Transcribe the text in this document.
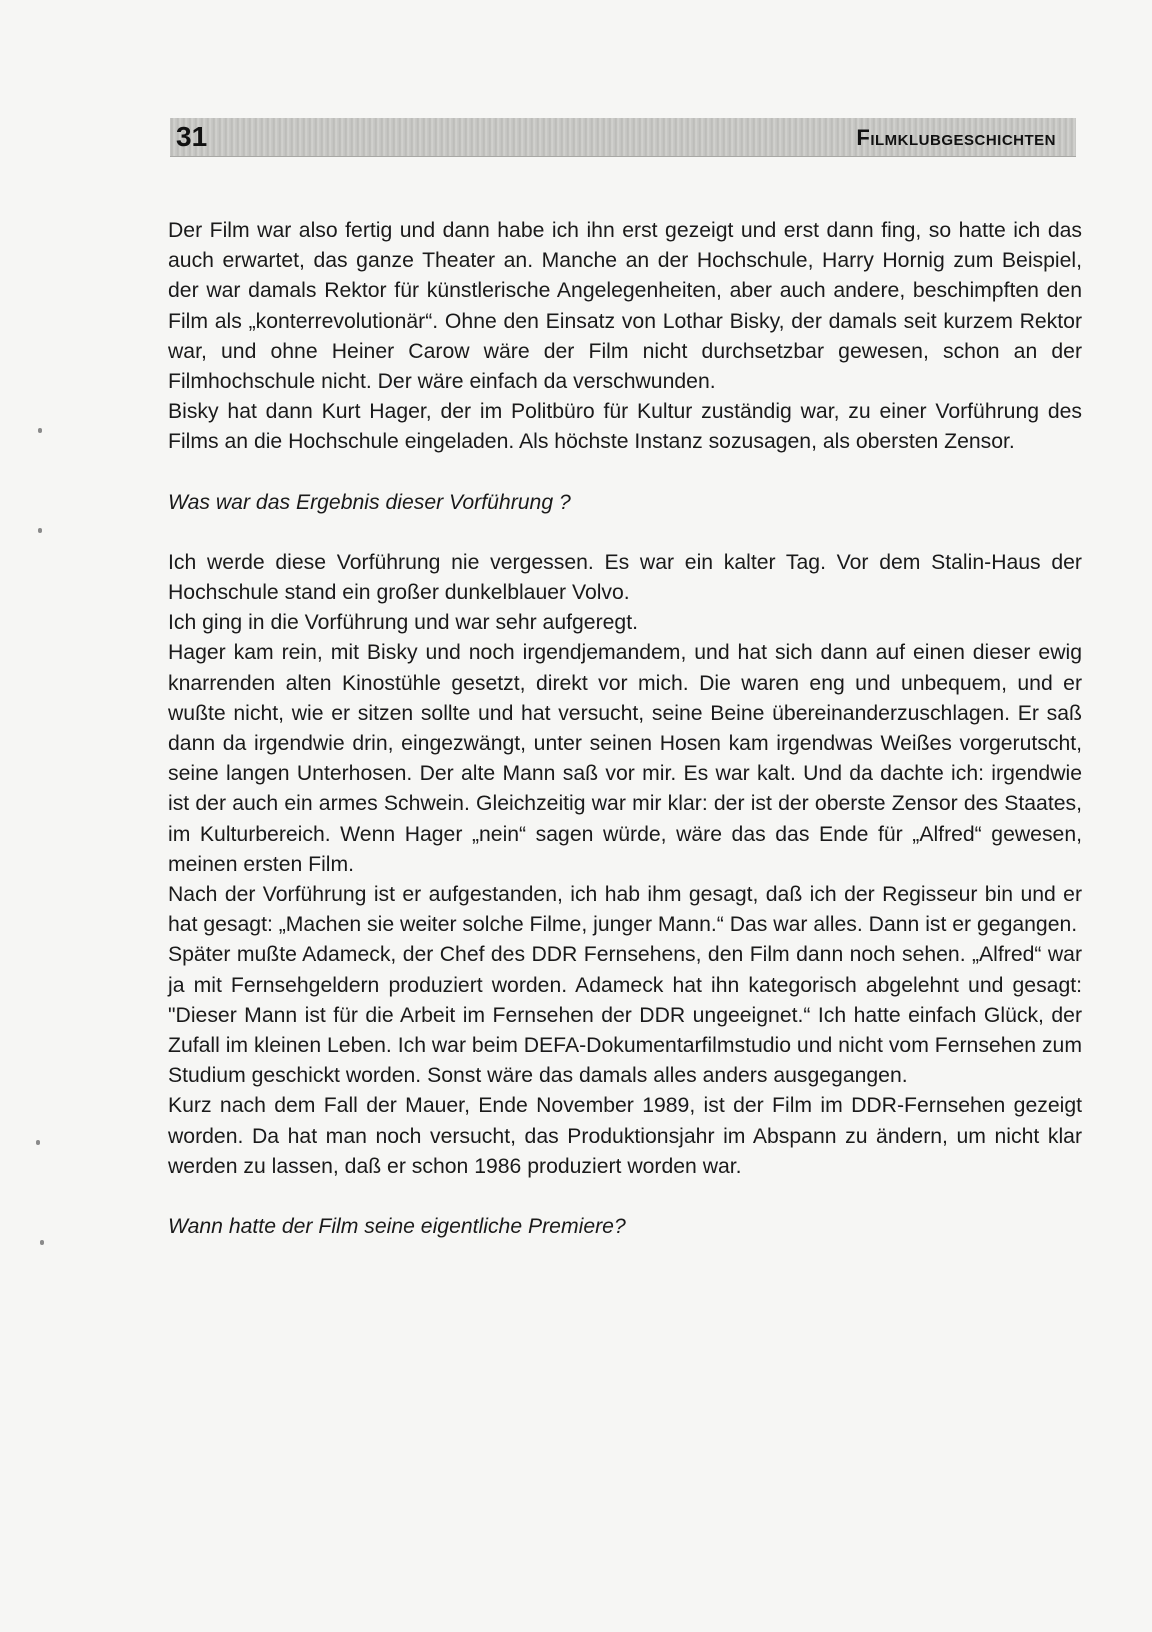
31	Filmklubgeschichten

Der Film war also fertig und dann habe ich ihn erst gezeigt und erst dann fing, so hatte ich das auch erwartet, das ganze Theater an. Manche an der Hochschule, Harry Hornig zum Beispiel, der war damals Rektor für künstlerische Angelegenheiten, aber auch andere, beschimpften den Film als „konterrevolutionär“. Ohne den Einsatz von Lothar Bisky, der damals seit kurzem Rektor war, und ohne Heiner Carow wäre der Film nicht durchsetzbar gewesen, schon an der Filmhochschule nicht. Der wäre einfach da verschwunden.

Bisky hat dann Kurt Hager, der im Politbüro für Kultur zuständig war, zu einer Vorführung des Films an die Hochschule eingeladen. Als höchste Instanz sozusagen, als obersten Zensor.

Was war das Ergebnis dieser Vorführung ?

Ich werde diese Vorführung nie vergessen. Es war ein kalter Tag. Vor dem Stalin-Haus der Hochschule stand ein großer dunkelblauer Volvo.

Ich ging in die Vorführung und war sehr aufgeregt.

Hager kam rein, mit Bisky und noch irgendjemandem, und hat sich dann auf einen dieser ewig knarrenden alten Kinostühle gesetzt, direkt vor mich. Die waren eng und unbequem, und er wußte nicht, wie er sitzen sollte und hat versucht, seine Beine übereinanderzuschlagen. Er saß dann da irgendwie drin, eingezwängt, unter seinen Hosen kam irgendwas Weißes vorgerutscht, seine langen Unterhosen. Der alte Mann saß vor mir. Es war kalt. Und da dachte ich: irgendwie ist der auch ein armes Schwein. Gleichzeitig war mir klar: der ist der oberste Zensor des Staates, im Kulturbereich. Wenn Hager „nein“ sagen würde, wäre das das Ende für „Alfred“ gewesen, meinen ersten Film.

Nach der Vorführung ist er aufgestanden, ich hab ihm gesagt, daß ich der Regisseur bin und er hat gesagt: „Machen sie weiter solche Filme, junger Mann.“ Das war alles. Dann ist er gegangen.

Später mußte Adameck, der Chef des DDR Fernsehens, den Film dann noch sehen. „Alfred“ war ja mit Fernsehgeldern produziert worden. Adameck hat ihn kategorisch abgelehnt und gesagt: "Dieser Mann ist für die Arbeit im Fernsehen der DDR ungeeignet.“ Ich hatte einfach Glück, der Zufall im kleinen Leben. Ich war beim DEFA-Dokumentarfilmstudio und nicht vom Fernsehen zum Studium geschickt worden. Sonst wäre das damals alles anders ausgegangen.

Kurz nach dem Fall der Mauer, Ende November 1989, ist der Film im DDR-Fernsehen gezeigt worden. Da hat man noch versucht, das Produktionsjahr im Abspann zu ändern, um nicht klar werden zu lassen, daß er schon 1986 produziert worden war.

Wann hatte der Film seine eigentliche Premiere?
